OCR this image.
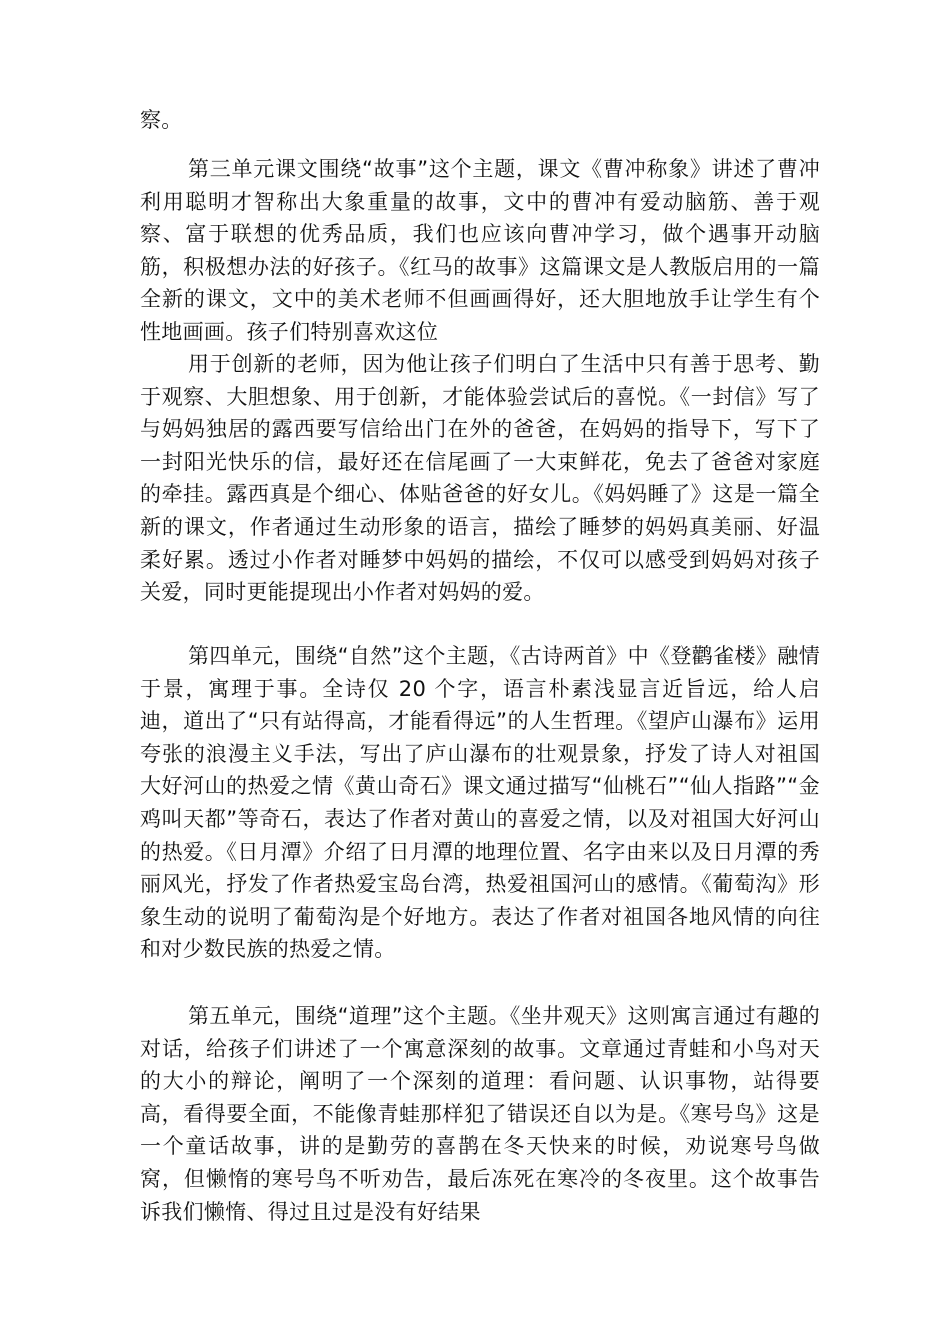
察。

第三单元课文围绕“故事”这个主题，课文《曹冲称象》讲述了曹冲利用聪明才智称出大象重量的故事，文中的曹冲有爱动脑筋、善于观察、富于联想的优秀品质，我们也应该向曹冲学习，做个遇事开动脑筋，积极想办法的好孩子。《红马的故事》这篇课文是人教版启用的一篇全新的课文，文中的美术老师不但画画得好，还大胆地放手让学生有个性地画画。孩子们特别喜欢这位

用于创新的老师，因为他让孩子们明白了生活中只有善于思考、勤于观察、大胆想象、用于创新，才能体验尝试后的喜悦。《一封信》写了与妈妈独居的露西要写信给出门在外的爸爸，在妈妈的指导下，写下了一封阳光快乐的信，最好还在信尾画了一大束鲜花，免去了爸爸对家庭的牵挂。露西真是个细心、体贴爸爸的好女儿。《妈妈睡了》这是一篇全新的课文，作者通过生动形象的语言，描绘了睡梦的妈妈真美丽、好温柔好累。透过小作者对睡梦中妈妈的描绘，不仅可以感受到妈妈对孩子关爱，同时更能提现出小作者对妈妈的爱。

第四单元，围绕“自然”这个主题，《古诗两首》中《登鹳雀楼》融情于景，寓理于事。全诗仅 20 个字，语言朴素浅显言近旨远，给人启迪，道出了“只有站得高，才能看得远”的人生哲理。《望庐山瀑布》运用夸张的浪漫主义手法，写出了庐山瀑布的壮观景象，抒发了诗人对祖国大好河山的热爱之情《黄山奇石》课文通过描写“仙桃石”“仙人指路”“金鸡叫天都”等奇石，表达了作者对黄山的喜爱之情，以及对祖国大好河山的热爱。《日月潭》介绍了日月潭的地理位置、名字由来以及日月潭的秀丽风光，抒发了作者热爱宝岛台湾，热爱祖国河山的感情。《葡萄沟》形象生动的说明了葡萄沟是个好地方。表达了作者对祖国各地风情的向往和对少数民族的热爱之情。

第五单元，围绕“道理”这个主题。《坐井观天》这则寓言通过有趣的对话，给孩子们讲述了一个寓意深刻的故事。文章通过青蛙和小鸟对天的大小的辩论，阐明了一个深刻的道理：看问题、认识事物，站得要高，看得要全面，不能像青蛙那样犯了错误还自以为是。《寒号鸟》这是一个童话故事，讲的是勤劳的喜鹊在冬天快来的时候，劝说寒号鸟做窝，但懒惰的寒号鸟不听劝告，最后冻死在寒冷的冬夜里。这个故事告诉我们懒惰、得过且过是没有好结果
